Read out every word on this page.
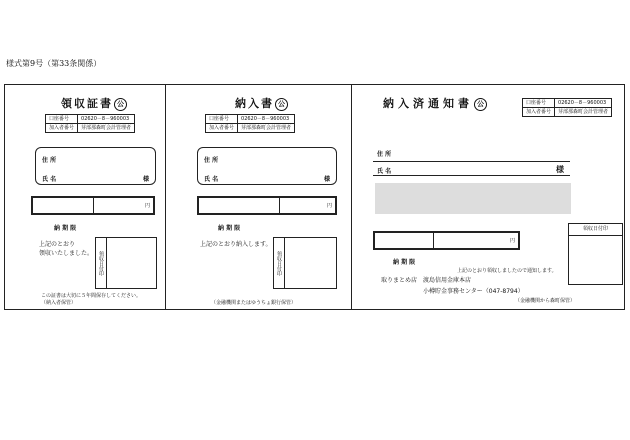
様式第9号（第33条関係）
領収証書 公
口座番号	02620－8－960003
加入者番号	芽部那森町会計管理者
住 所
氏 名	様
円
納 期 限
上記のとおり
領収いたしました。 領収日付印
この証書は大切に５年間保存してください。
（納入者保管）
納入書 公
口座番号	02620－8－960003
加入者番号	芽部那森町会計管理者
住 所
氏 名	様
円
納 期 限
上記のとおり納入します。
領収日付印
（金融機関またはゆうちょ銀行保管）
納入済通知書 公	口座番号	02620－8－960003
加入者番号	芽部那森町会計管理者
住 所
氏 名	様
円
領収日付印
納 期 限
上記のとおり領収しましたので通知します。
取りまとめ店 渡島信用金庫本店
小樽貯金事務センター（047-8794）
（金融機関から森町保管）
